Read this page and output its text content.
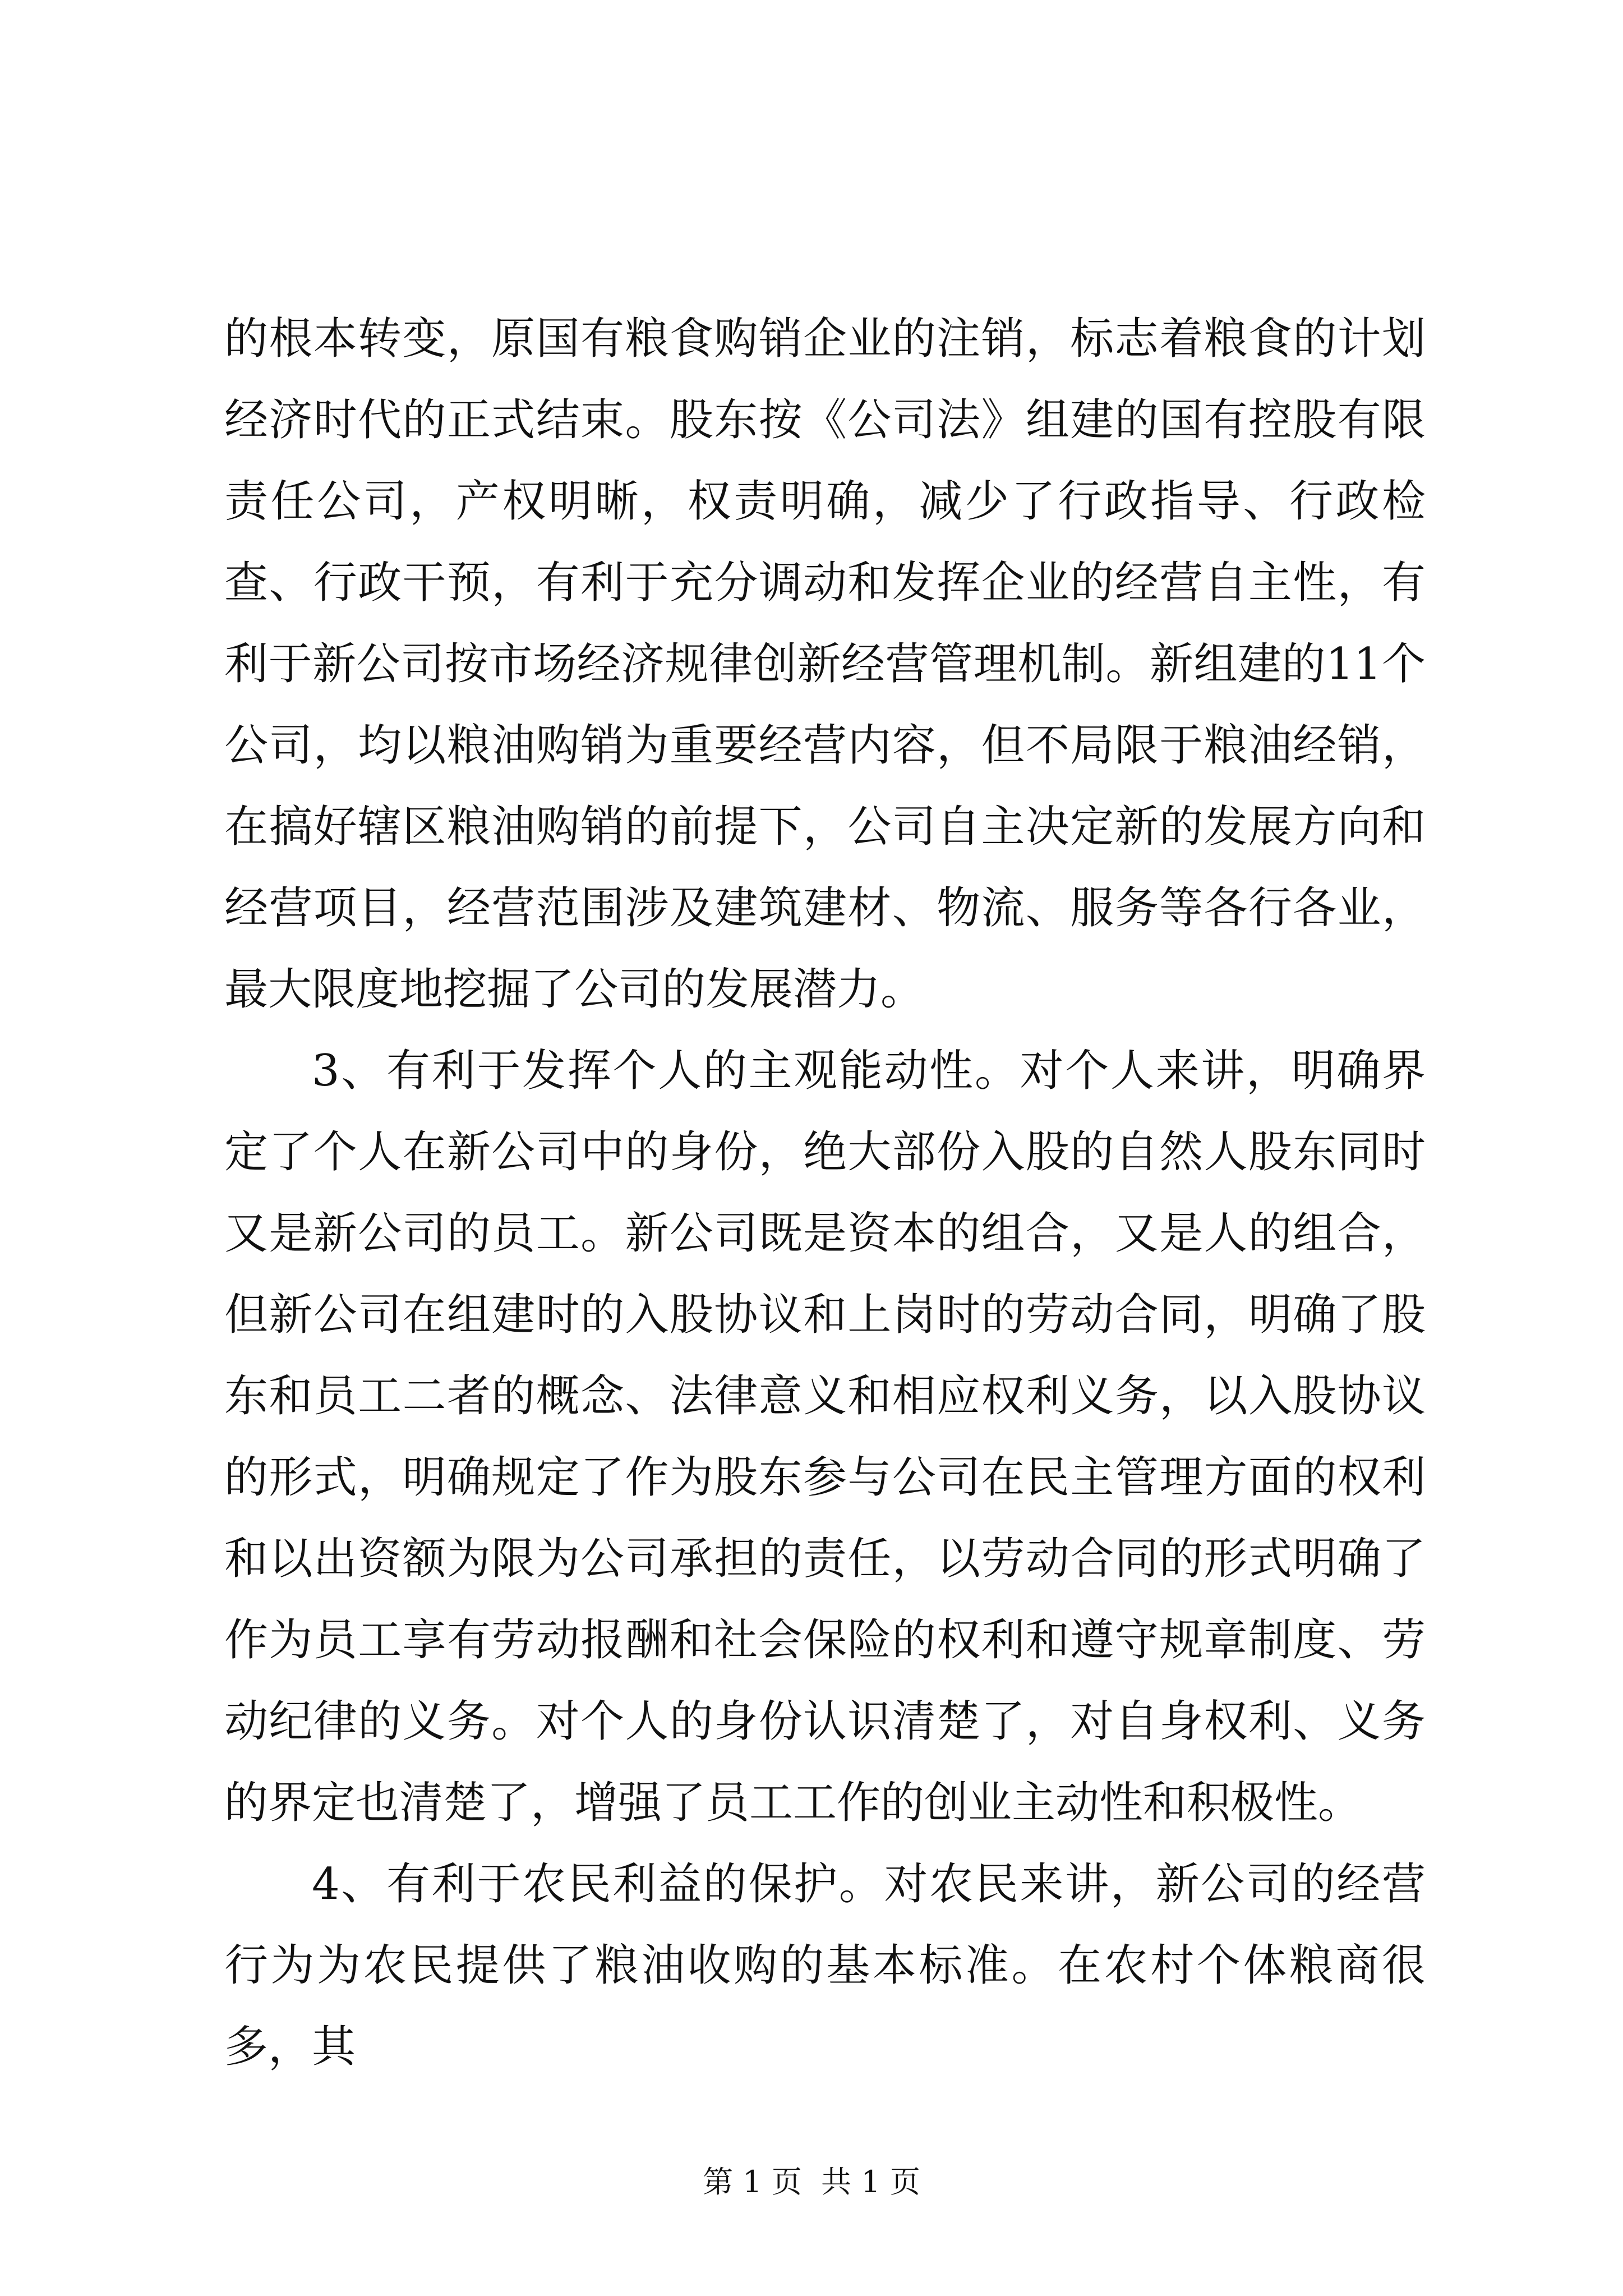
的根本转变，原国有粮食购销企业的注销，标志着粮食的计划经济时代的正式结束。股东按《公司法》组建的国有控股有限责任公司，产权明晰，权责明确，减少了行政指导、行政检查、行政干预，有利于充分调动和发挥企业的经营自主性，有利于新公司按市场经济规律创新经营管理机制。新组建的11个公司，均以粮油购销为重要经营内容，但不局限于粮油经销，在搞好辖区粮油购销的前提下，公司自主决定新的发展方向和经营项目，经营范围涉及建筑建材、物流、服务等各行各业，最大限度地挖掘了公司的发展潜力。

3、有利于发挥个人的主观能动性。对个人来讲，明确界定了个人在新公司中的身份，绝大部份入股的自然人股东同时又是新公司的员工。新公司既是资本的组合，又是人的组合，但新公司在组建时的入股协议和上岗时的劳动合同，明确了股东和员工二者的概念、法律意义和相应权利义务，以入股协议的形式，明确规定了作为股东参与公司在民主管理方面的权利和以出资额为限为公司承担的责任，以劳动合同的形式明确了作为员工享有劳动报酬和社会保险的权利和遵守规章制度、劳动纪律的义务。对个人的身份认识清楚了，对自身权利、义务的界定也清楚了，增强了员工工作的创业主动性和积极性。

4、有利于农民利益的保护。对农民来讲，新公司的经营行为为农民提供了粮油收购的基本标准。在农村个体粮商很多，其

第 1 页  共 1 页
